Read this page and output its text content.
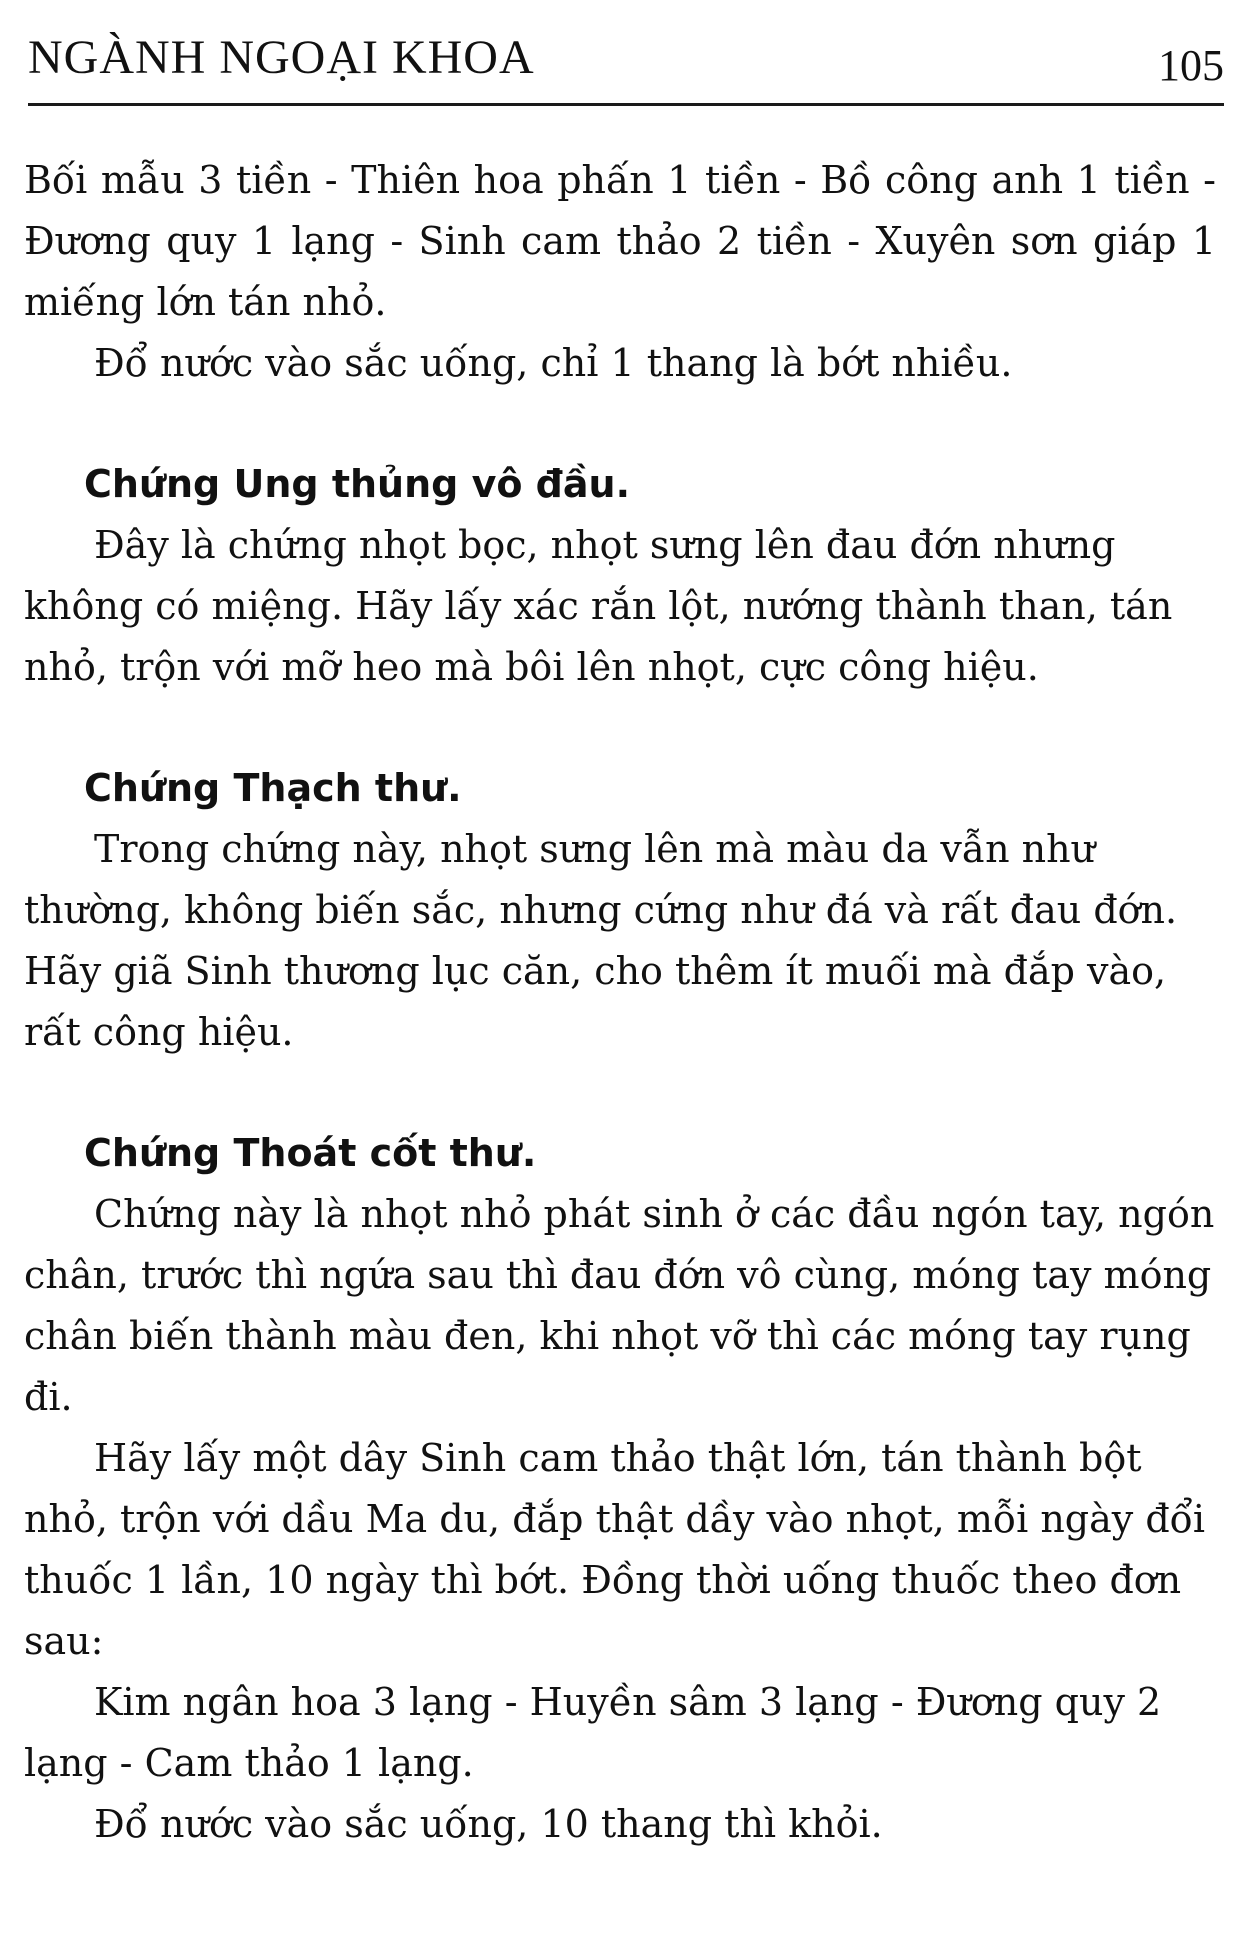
NGÀNH NGOẠI KHOA	105

Bối mẫu 3 tiền - Thiên hoa phấn 1 tiền - Bồ công anh 1 tiền - Đương quy 1 lạng - Sinh cam thảo 2 tiền - Xuyên sơn giáp 1 miếng lớn tán nhỏ.

Đổ nước vào sắc uống, chỉ 1 thang là bớt nhiều.

Chứng Ung thủng vô đầu.

Đây là chứng nhọt bọc, nhọt sưng lên đau đớn nhưng không có miệng. Hãy lấy xác rắn lột, nướng thành than, tán nhỏ, trộn với mỡ heo mà bôi lên nhọt, cực công hiệu.

Chứng Thạch thư.

Trong chứng này, nhọt sưng lên mà màu da vẫn như thường, không biến sắc, nhưng cứng như đá và rất đau đớn. Hãy giã Sinh thương lục căn, cho thêm ít muối mà đắp vào, rất công hiệu.

Chứng Thoát cốt thư.

Chứng này là nhọt nhỏ phát sinh ở các đầu ngón tay, ngón chân, trước thì ngứa sau thì đau đớn vô cùng, móng tay móng chân biến thành màu đen, khi nhọt vỡ thì các móng tay rụng đi.

Hãy lấy một dây Sinh cam thảo thật lớn, tán thành bột nhỏ, trộn với dầu Ma du, đắp thật dầy vào nhọt, mỗi ngày đổi thuốc 1 lần, 10 ngày thì bớt. Đồng thời uống thuốc theo đơn sau:

Kim ngân hoa 3 lạng - Huyền sâm 3 lạng - Đương quy 2 lạng - Cam thảo 1 lạng.

Đổ nước vào sắc uống, 10 thang thì khỏi.
